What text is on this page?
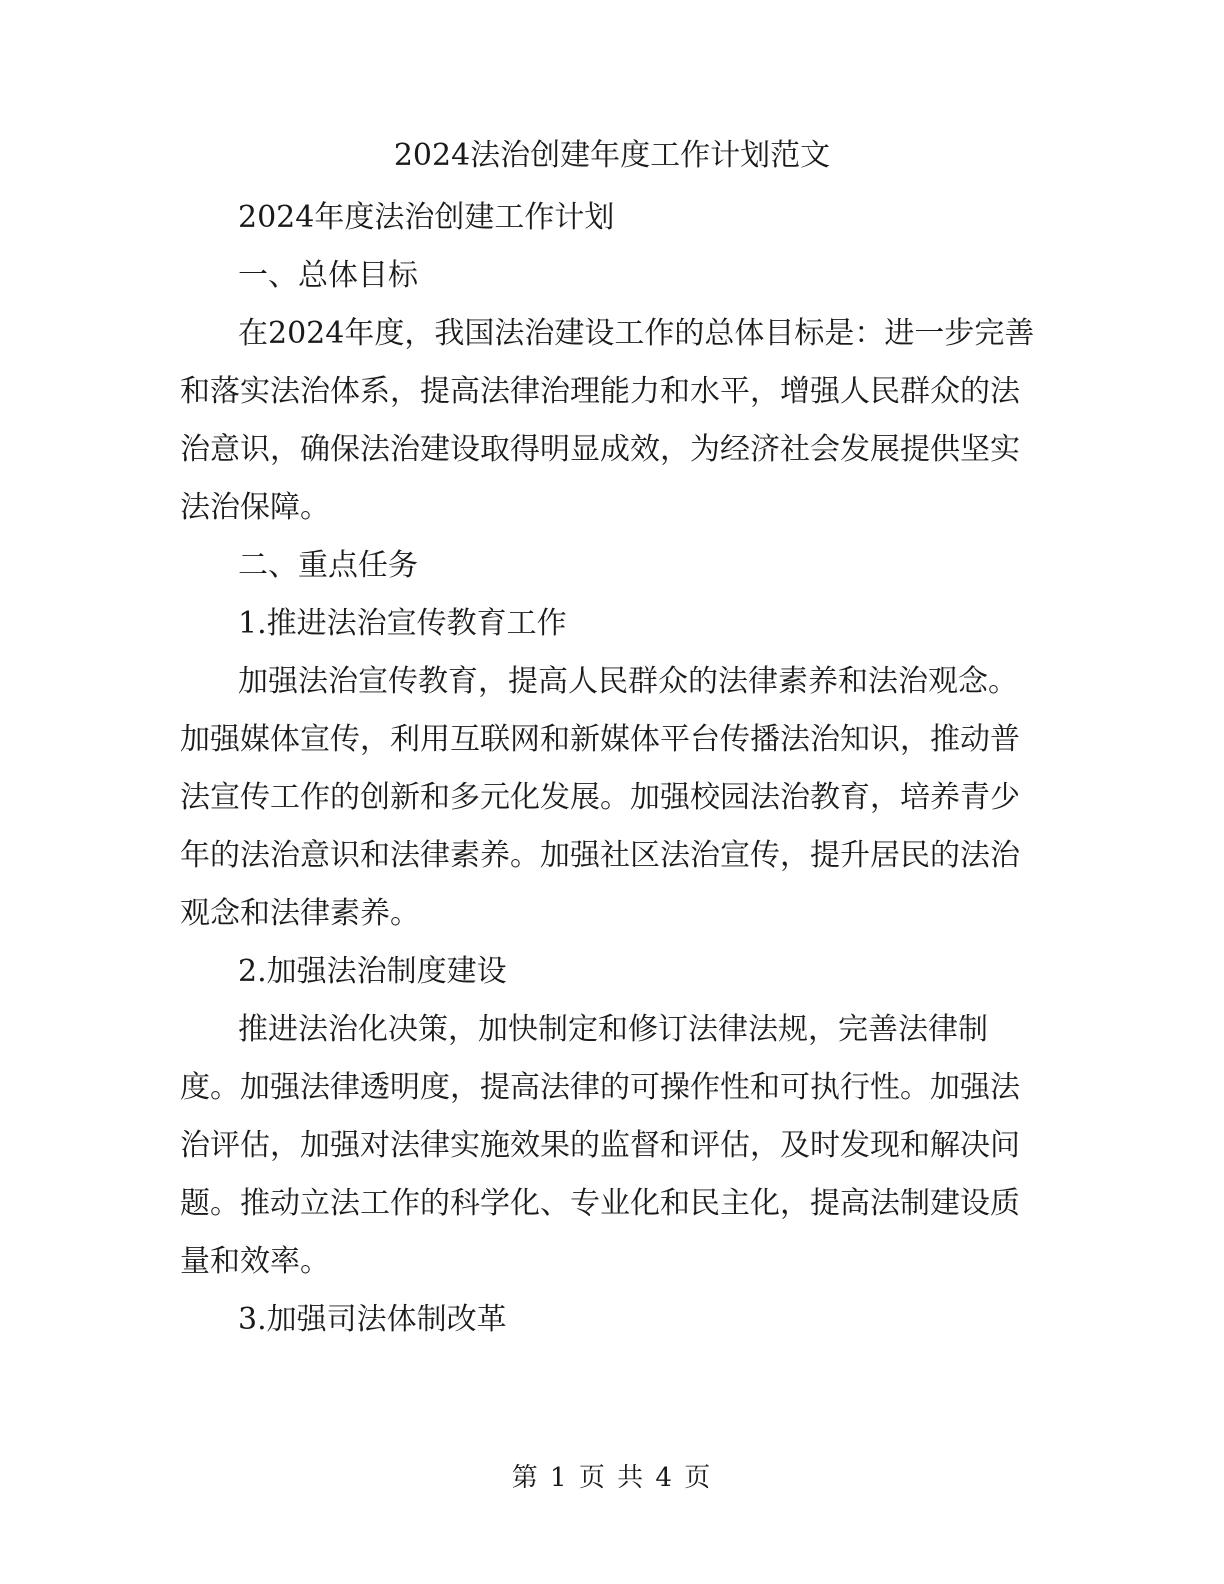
2024法治创建年度工作计划范文
2024年度法治创建工作计划
一、总体目标
在2024年度，我国法治建设工作的总体目标是：进一步完善
和落实法治体系，提高法律治理能力和水平，增强人民群众的法
治意识，确保法治建设取得明显成效，为经济社会发展提供坚实
法治保障。
二、重点任务
1.推进法治宣传教育工作
加强法治宣传教育，提高人民群众的法律素养和法治观念。
加强媒体宣传，利用互联网和新媒体平台传播法治知识，推动普
法宣传工作的创新和多元化发展。加强校园法治教育，培养青少
年的法治意识和法律素养。加强社区法治宣传，提升居民的法治
观念和法律素养。
2.加强法治制度建设
推进法治化决策，加快制定和修订法律法规，完善法律制
度。加强法律透明度，提高法律的可操作性和可执行性。加强法
治评估，加强对法律实施效果的监督和评估，及时发现和解决问
题。推动立法工作的科学化、专业化和民主化，提高法制建设质
量和效率。
3.加强司法体制改革
第 1 页 共 4 页
